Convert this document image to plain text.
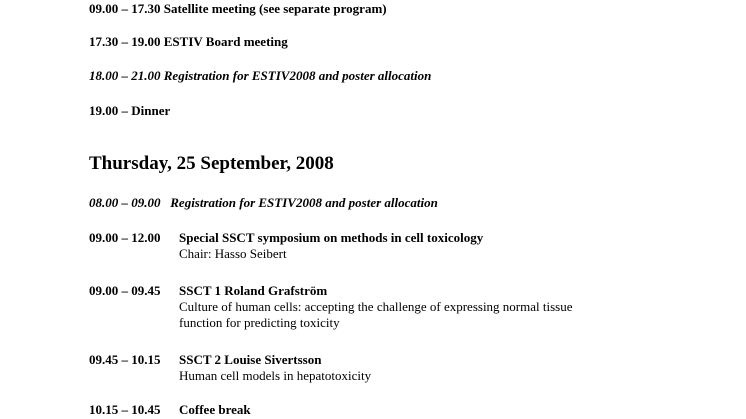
09.00 – 17.30 Satellite meeting (see separate program)
17.30 – 19.00 ESTIV Board meeting
18.00 – 21.00 Registration for ESTIV2008 and poster allocation
19.00 – Dinner
Thursday, 25 September, 2008
08.00 – 09.00 Registration for ESTIV2008 and poster allocation
09.00 – 12.00 Special SSCT symposium on methods in cell toxicology
Chair: Hasso Seibert
09.00 – 09.45 SSCT 1 Roland Grafström
Culture of human cells: accepting the challenge of expressing normal tissue
function for predicting toxicity
09.45 – 10.15 SSCT 2 Louise Sivertsson
Human cell models in hepatotoxicity
10.15 – 10.45 Coffee break
